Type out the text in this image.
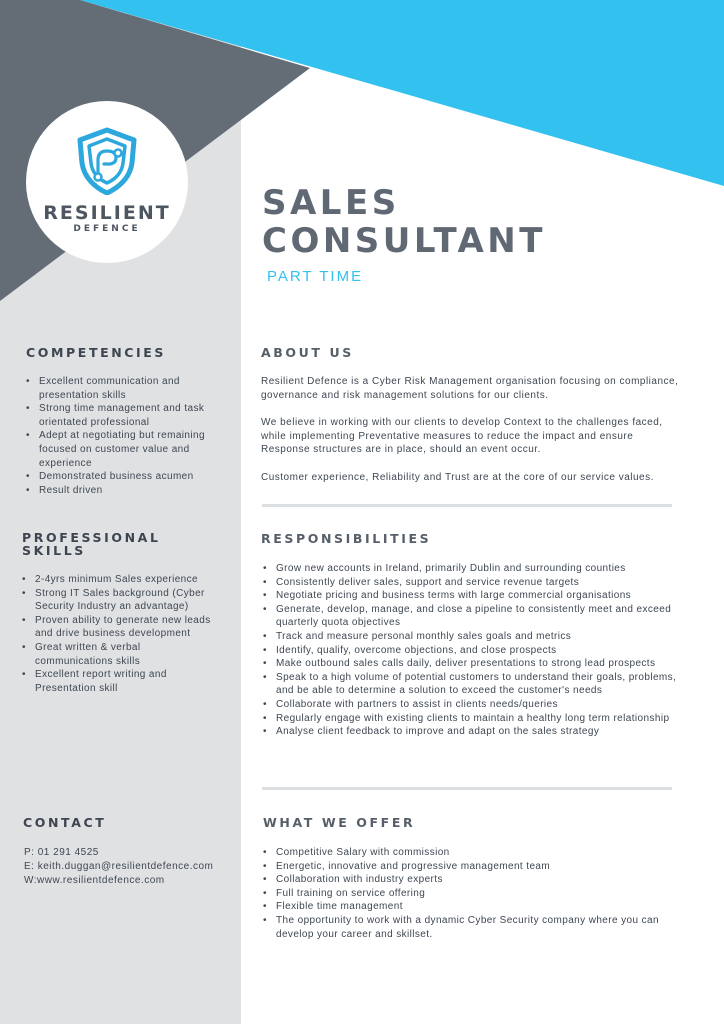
RESILIENT
DEFENCE
SALES
CONSULTANT
PART TIME
COMPETENCIES
• Excellent communication and presentation skills
• Strong time management and task orientated professional
• Adept at negotiating but remaining focused on customer value and experience
• Demonstrated business acumen
• Result driven
PROFESSIONAL
SKILLS
• 2-4yrs minimum Sales experience
• Strong IT Sales background (Cyber Security Industry an advantage)
• Proven ability to generate new leads and drive business development
• Great written & verbal communications skills
• Excellent report writing and Presentation skill
CONTACT
P: 01 291 4525
E: keith.duggan@resilientdefence.com
W:www.resilientdefence.com
ABOUT US
Resilient Defence is a Cyber Risk Management organisation focusing on compliance, governance and risk management solutions for our clients.
We believe in working with our clients to develop Context to the challenges faced, while implementing Preventative measures to reduce the impact and ensure Response structures are in place, should an event occur.
Customer experience, Reliability and Trust are at the core of our service values.
RESPONSIBILITIES
• Grow new accounts in Ireland, primarily Dublin and surrounding counties
• Consistently deliver sales, support and service revenue targets
• Negotiate pricing and business terms with large commercial organisations
• Generate, develop, manage, and close a pipeline to consistently meet and exceed quarterly quota objectives
• Track and measure personal monthly sales goals and metrics
• Identify, qualify, overcome objections, and close prospects
• Make outbound sales calls daily, deliver presentations to strong lead prospects
• Speak to a high volume of potential customers to understand their goals, problems, and be able to determine a solution to exceed the customer's needs
• Collaborate with partners to assist in clients needs/queries
• Regularly engage with existing clients to maintain a healthy long term relationship
• Analyse client feedback to improve and adapt on the sales strategy
WHAT WE OFFER
• Competitive Salary with commission
• Energetic, innovative and progressive management team
• Collaboration with industry experts
• Full training on service offering
• Flexible time management
• The opportunity to work with a dynamic Cyber Security company where you can develop your career and skillset.
